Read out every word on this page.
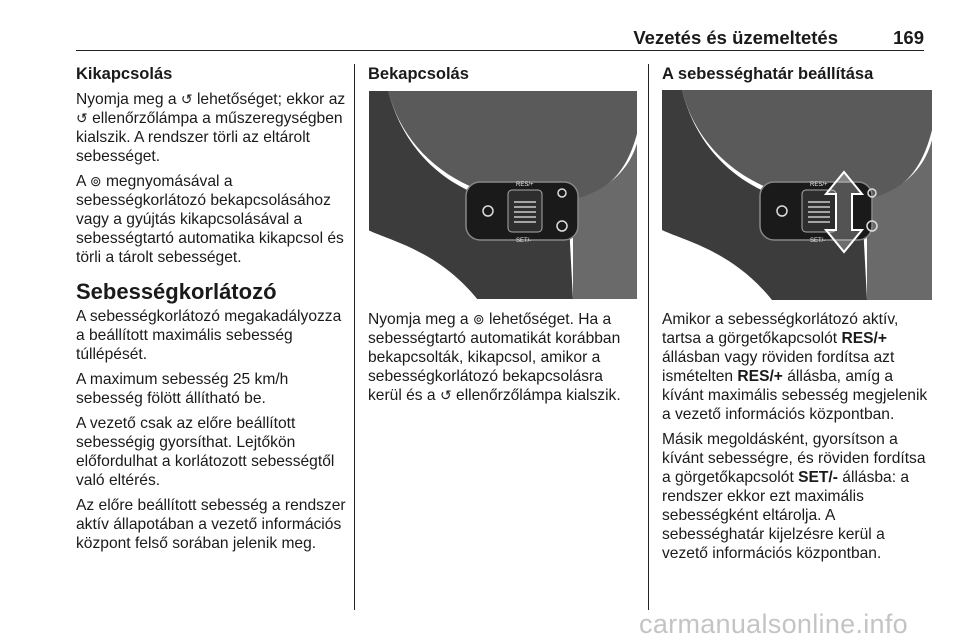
Vezetés és üzemeltetés	169
Kikapcsolás

Nyomja meg a ↺ lehetőséget; ekkor az ↺ ellenőrzőlámpa a műszeregységben kialszik. A rendszer törli az eltárolt sebességet.

A ⊚ megnyomásával a sebességkorlátozó bekapcsolásához vagy a gyújtás kikapcsolásával a sebességtartó automatika kikapcsol és törli a tárolt sebességet.

Sebességkorlátozó

A sebességkorlátozó megakadályozza a beállított maximális sebesség túllépését.

A maximum sebesség 25 km/h sebesség fölött állítható be.

A vezető csak az előre beállított sebességig gyorsíthat. Lejtőkön előfordulhat a korlátozott sebességtől való eltérés.

Az előre beállított sebesség a rendszer aktív állapotában a vezető információs központ felső sorában jelenik meg.

Bekapcsolás
RES/+
SET/-

Nyomja meg a ⊚ lehetőséget. Ha a sebességtartó automatikát korábban bekapcsolták, kikapcsol, amikor a sebességkorlátozó bekapcsolásra kerül és a ↺ ellenőrzőlámpa kialszik.

A sebességhatár beállítása
RES/+
SET/-

Amikor a sebességkorlátozó aktív, tartsa a görgetőkapcsolót RES/+ állásban vagy röviden fordítsa azt ismételten RES/+ állásba, amíg a kívánt maximális sebesség megjelenik a vezető információs központban.

Másik megoldásként, gyorsítson a kívánt sebességre, és röviden fordítsa a görgetőkapcsolót SET/- állásba: a rendszer ekkor ezt maximális sebességként eltárolja. A sebességhatár kijelzésre kerül a vezető információs központban.

carmanualsonline.info
